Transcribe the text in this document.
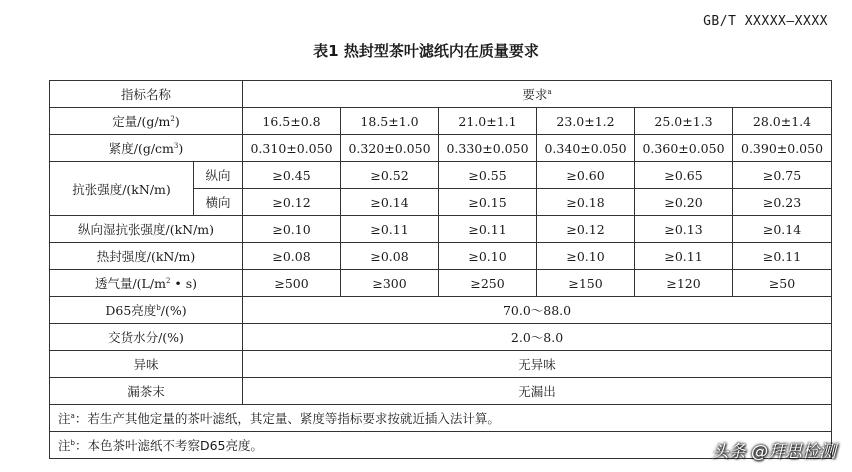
GB/T XXXXX—XXXX
表1 热封型茶叶滤纸内在质量要求
指标名称		要求$^a$
定量$/(g/m^2)$		16.5±0.8	18.5±1.0	21.0±1.1	23.0±1.2	25.0±1.3	28.0±1.4
紧度$/(g/cm^3)$		0.310±0.050	0.320±0.050	0.330±0.050	0.340±0.050	0.360±0.050	0.390±0.050
抗张强度/(kN/m)	纵向	≥0.45	≥0.52	≥0.55	≥0.60	≥0.65	≥0.75
	横向	≥0.12	≥0.14	≥0.15	≥0.18	≥0.20	≥0.23
纵向湿抗张强度/(kN/m)		≥0.10	≥0.11	≥0.11	≥0.12	≥0.13	≥0.14
热封强度/(kN/m)		≥0.08	≥0.08	≥0.10	≥0.10	≥0.11	≥0.11
透气量$/(L/m^2$ • s)		≥500	≥300	≥250	≥150	≥120	≥50
D65亮度$^b$/(%)		70.0～88.0					
交货水分/(%)		2.0～8.0					
异味		无异味					
漏茶末		无漏出					
注$^a$：若生产其他定量的茶叶滤纸，其定量、紧度等指标要求按就近插入法计算。							
注$^b$：本色茶叶滤纸不考察D65亮度。								头条 @拜思检测
